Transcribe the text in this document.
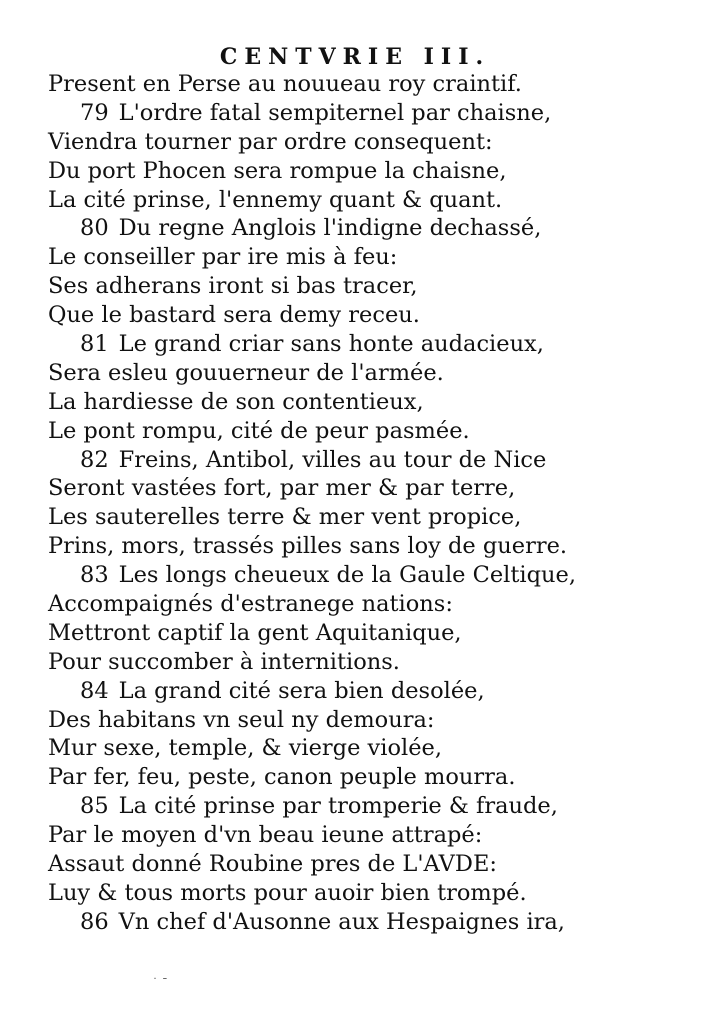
CENTVRIE III.
Present en Perse au nouueau roy craintif.
79 L'ordre fatal sempiternel par chaisne,
Viendra tourner par ordre consequent:
Du port Phocen sera rompue la chaisne,
La cité prinse, l'ennemy quant & quant.
80 Du regne Anglois l'indigne dechassé,
Le conseiller par ire mis à feu:
Ses adherans iront si bas tracer,
Que le bastard sera demy receu.
81 Le grand criar sans honte audacieux,
Sera esleu gouuerneur de l'armée.
La hardiesse de son contentieux,
Le pont rompu, cité de peur pasmée.
82 Freins, Antibol, villes au tour de Nice
Seront vastées fort, par mer & par terre,
Les sauterelles terre & mer vent propice,
Prins, mors, trassés pilles sans loy de guerre.
83 Les longs cheueux de la Gaule Celtique,
Accompaignés d'estranege nations:
Mettront captif la gent Aquitanique,
Pour succomber à internitions.
84 La grand cité sera bien desolée,
Des habitans vn seul ny demoura:
Mur sexe, temple, & vierge violée,
Par fer, feu, peste, canon peuple mourra.
85 La cité prinse par tromperie & fraude,
Par le moyen d'vn beau ieune attrapé:
Assaut donné Roubine pres de L'AVDE:
Luy & tous morts pour auoir bien trompé.
86 Vn chef d'Ausonne aux Hespaignes ira,
˙ ˉ
